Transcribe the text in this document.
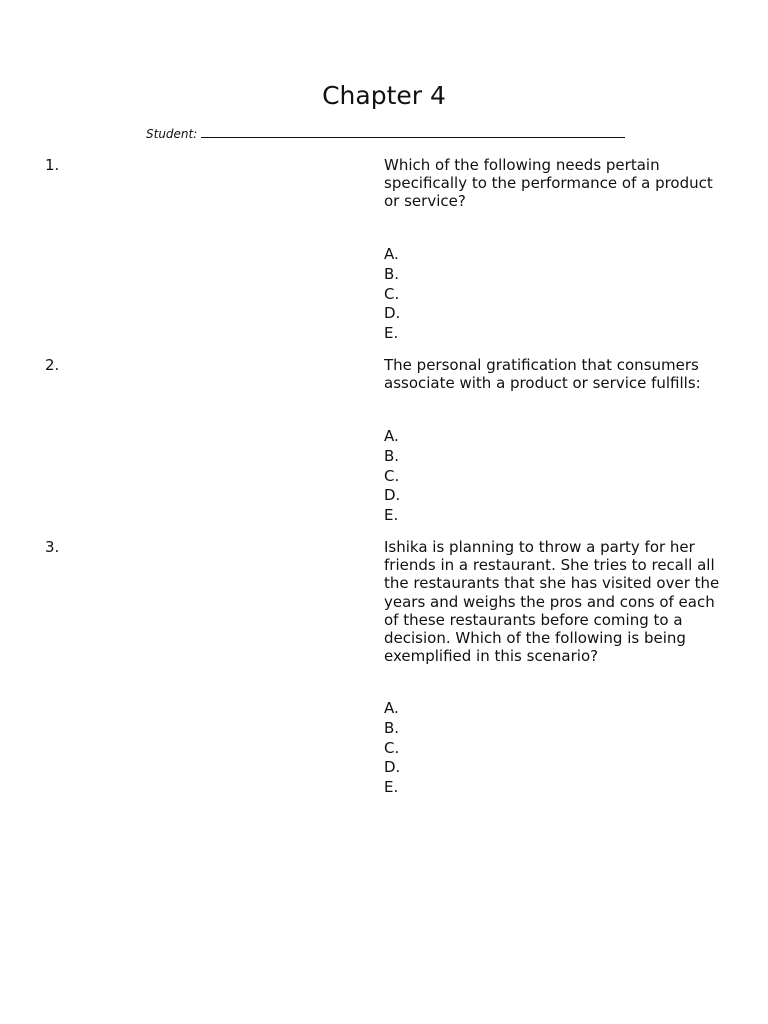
Chapter 4
Student:
1.	Which of the following needs pertain specifically to the performance of a product or service?
A.
B.
C.
D.
E.
2.	The personal gratification that consumers associate with a product or service fulfills:
A.
B.
C.
D.
E.
3.	Ishika is planning to throw a party for her friends in a restaurant. She tries to recall all the restaurants that she has visited over the years and weighs the pros and cons of each of these restaurants before coming to a decision. Which of the following is being exemplified in this scenario?
A.
B.
C.
D.
E.
